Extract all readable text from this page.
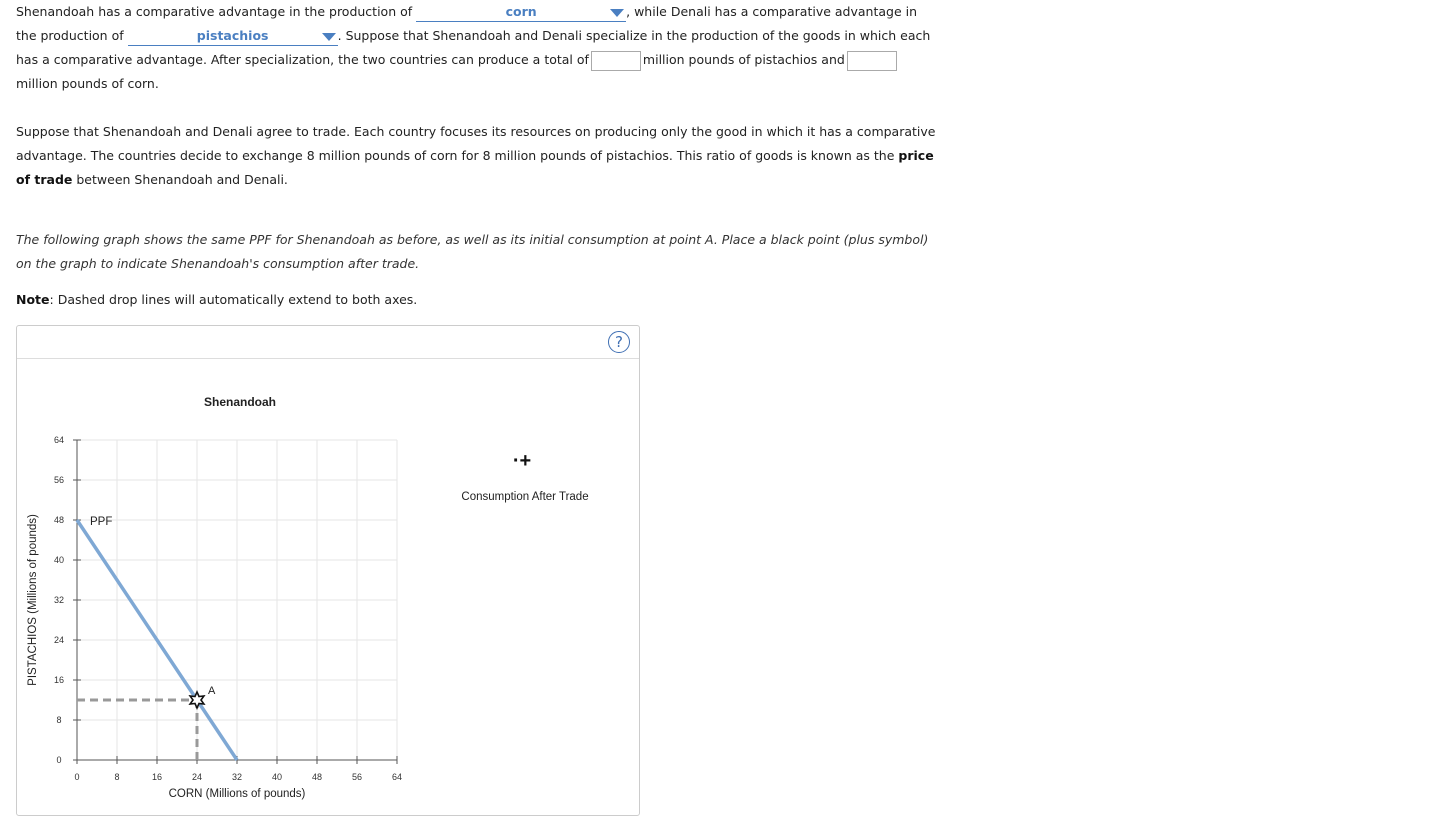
Shenandoah has a comparative advantage in the production of	corn	, while Denali has a comparative advantage in the production of	pistachios	. Suppose that Shenandoah and Denali specialize in the production of the goods in which each has a comparative advantage. After specialization, the two countries can produce a total of	million pounds of pistachios andmillion pounds of corn.
Suppose that Shenandoah and Denali agree to trade. Each country focuses its resources on producing only the good in which it has a comparative advantage. The countries decide to exchange 8 million pounds of corn for 8 million pounds of pistachios. This ratio of goods is known as the price of trade between Shenandoah and Denali.
The following graph shows the same PPF for Shenandoah as before, as well as its initial consumption at point A. Place a black point (plus symbol) on the graph to indicate Shenandoah's consumption after trade.
Note: Dashed drop lines will automatically extend to both axes.
?
Shenandoah
0	8	16	24	32	40	48	56	64
0
8
16
24
32
40
48
56
64
CORN (Millions of pounds)
PISTACHIOS (Millions of pounds)	PPF
A
·+
Consumption After Trade
